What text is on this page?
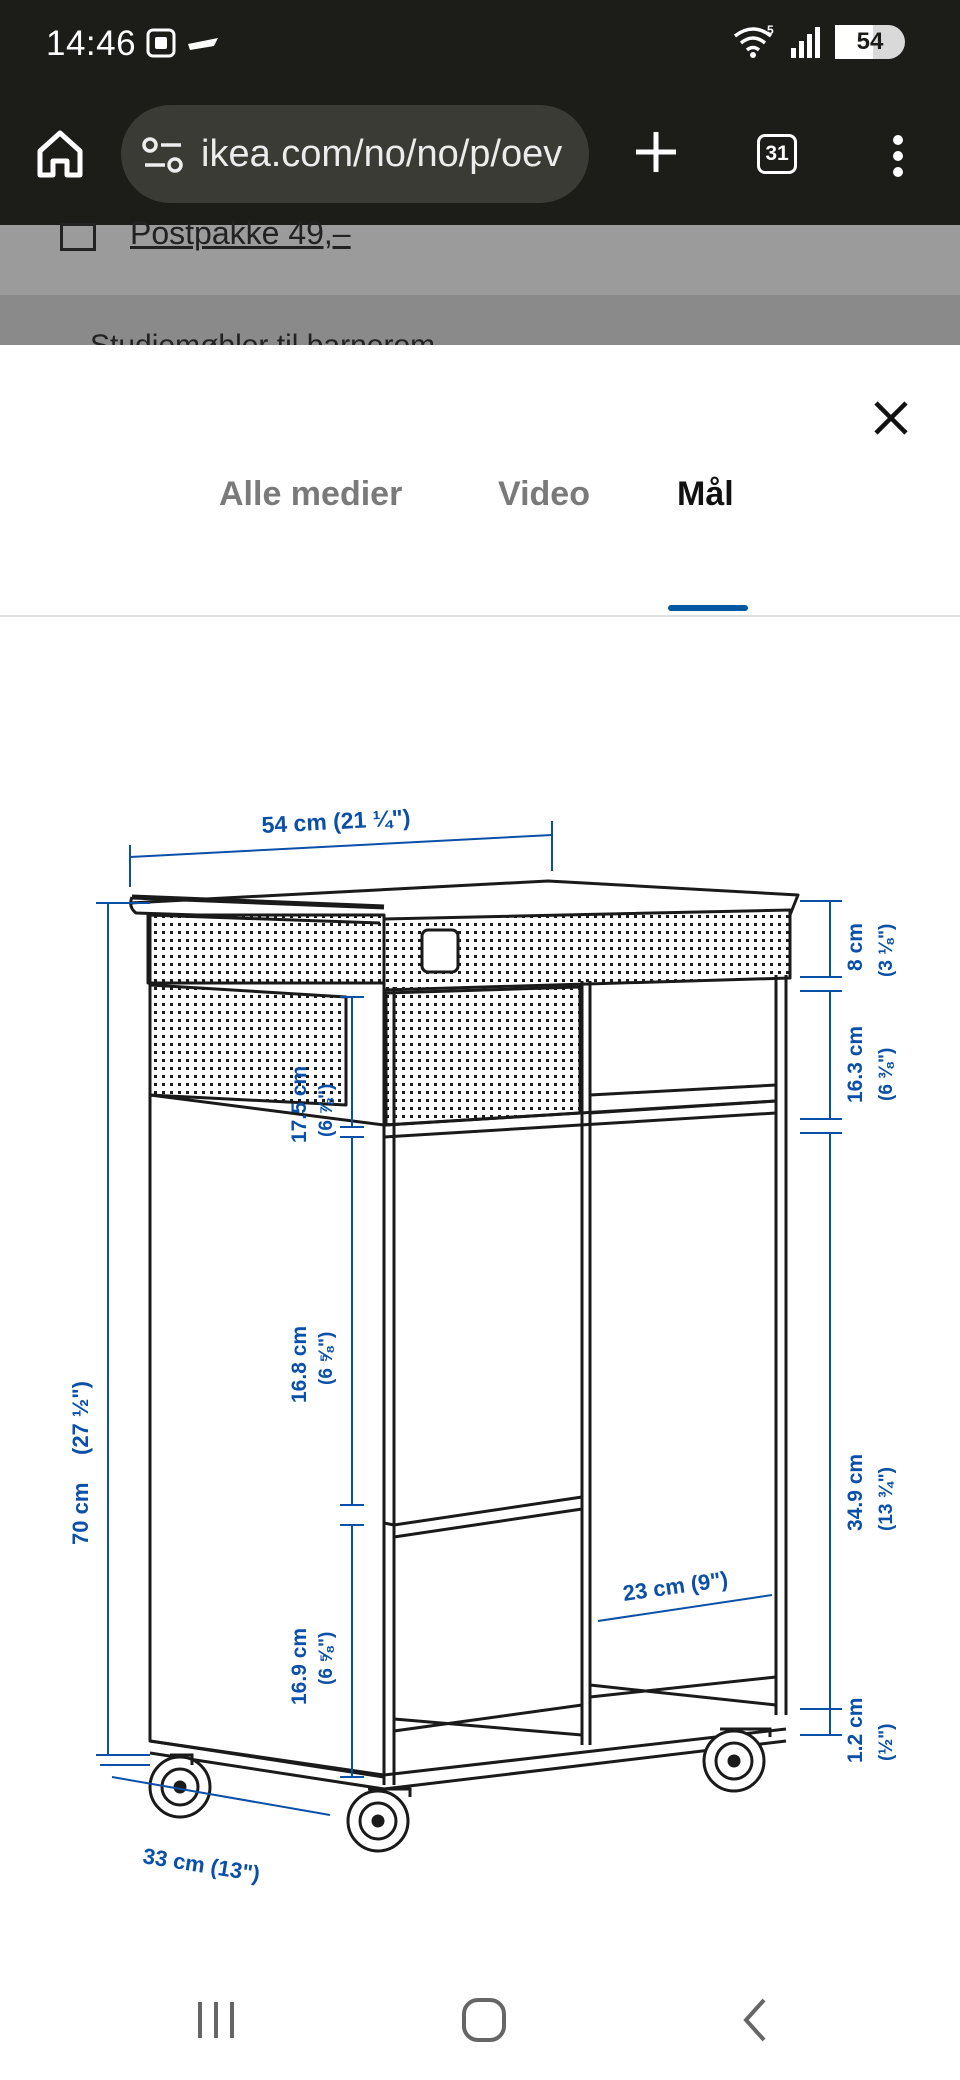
14:46	5	54
ikea.com/no/no/p/oev	31
Postpakke 49,–
Alle medier	Video	Mål
54 cm (21 ¼")
70 cm
(27 ½")
33 cm (13")
8 cm (3 ⅛")
16.3 cm (6 ⅜")
34.9 cm (13 ¾")
1.2 cm (½")
17.5 cm (6 ⅞")
16.8 cm (6 ⅝")
16.9 cm (6 ⅝")
23 cm (9")
